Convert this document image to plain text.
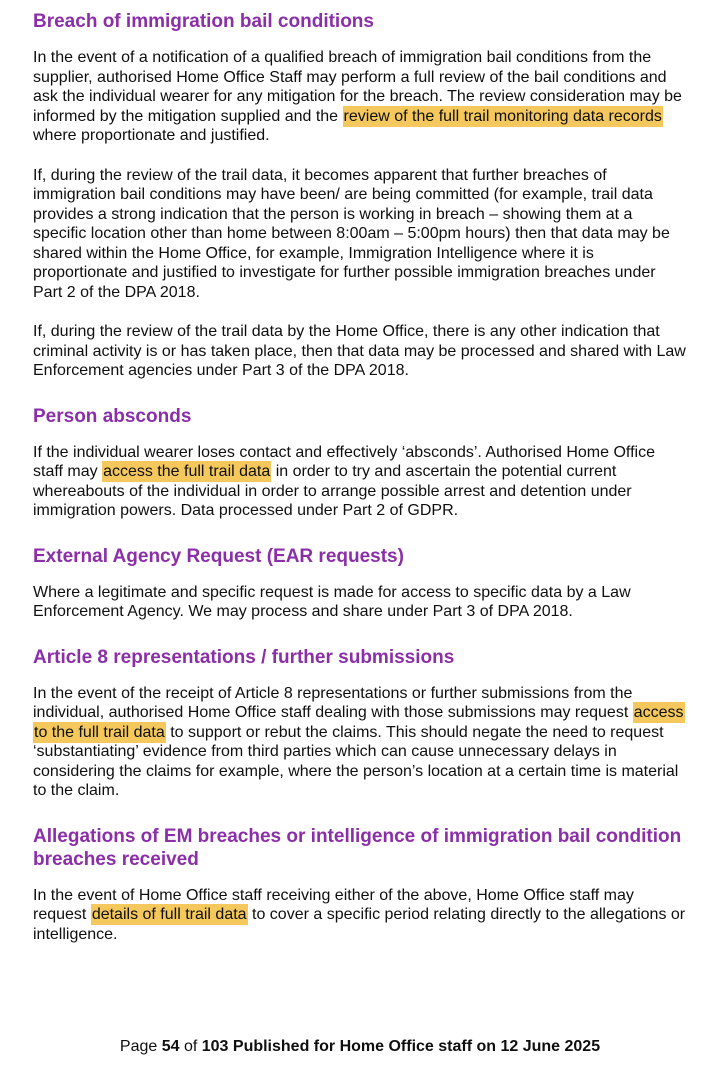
Breach of immigration bail conditions

In the event of a notification of a qualified breach of immigration bail conditions from the supplier, authorised Home Office Staff may perform a full review of the bail conditions and ask the individual wearer for any mitigation for the breach. The review consideration may be informed by the mitigation supplied and the review of the full trail monitoring data records where proportionate and justified.

If, during the review of the trail data, it becomes apparent that further breaches of immigration bail conditions may have been/ are being committed (for example, trail data provides a strong indication that the person is working in breach – showing them at a specific location other than home between 8:00am – 5:00pm hours) then that data may be shared within the Home Office, for example, Immigration Intelligence where it is proportionate and justified to investigate for further possible immigration breaches under Part 2 of the DPA 2018.

If, during the review of the trail data by the Home Office, there is any other indication that criminal activity is or has taken place, then that data may be processed and shared with Law Enforcement agencies under Part 3 of the DPA 2018.

Person absconds

If the individual wearer loses contact and effectively ‘absconds’. Authorised Home Office staff may access the full trail data in order to try and ascertain the potential current whereabouts of the individual in order to arrange possible arrest and detention under immigration powers. Data processed under Part 2 of GDPR.

External Agency Request (EAR requests)

Where a legitimate and specific request is made for access to specific data by a Law Enforcement Agency. We may process and share under Part 3 of DPA 2018.

Article 8 representations / further submissions

In the event of the receipt of Article 8 representations or further submissions from the individual, authorised Home Office staff dealing with those submissions may request access to the full trail data to support or rebut the claims. This should negate the need to request ‘substantiating’ evidence from third parties which can cause unnecessary delays in considering the claims for example, where the person’s location at a certain time is material to the claim.

Allegations of EM breaches or intelligence of immigration bail condition breaches received

In the event of Home Office staff receiving either of the above, Home Office staff may request details of full trail data to cover a specific period relating directly to the allegations or intelligence.

Page 54 of 103 Published for Home Office staff on 12 June 2025
